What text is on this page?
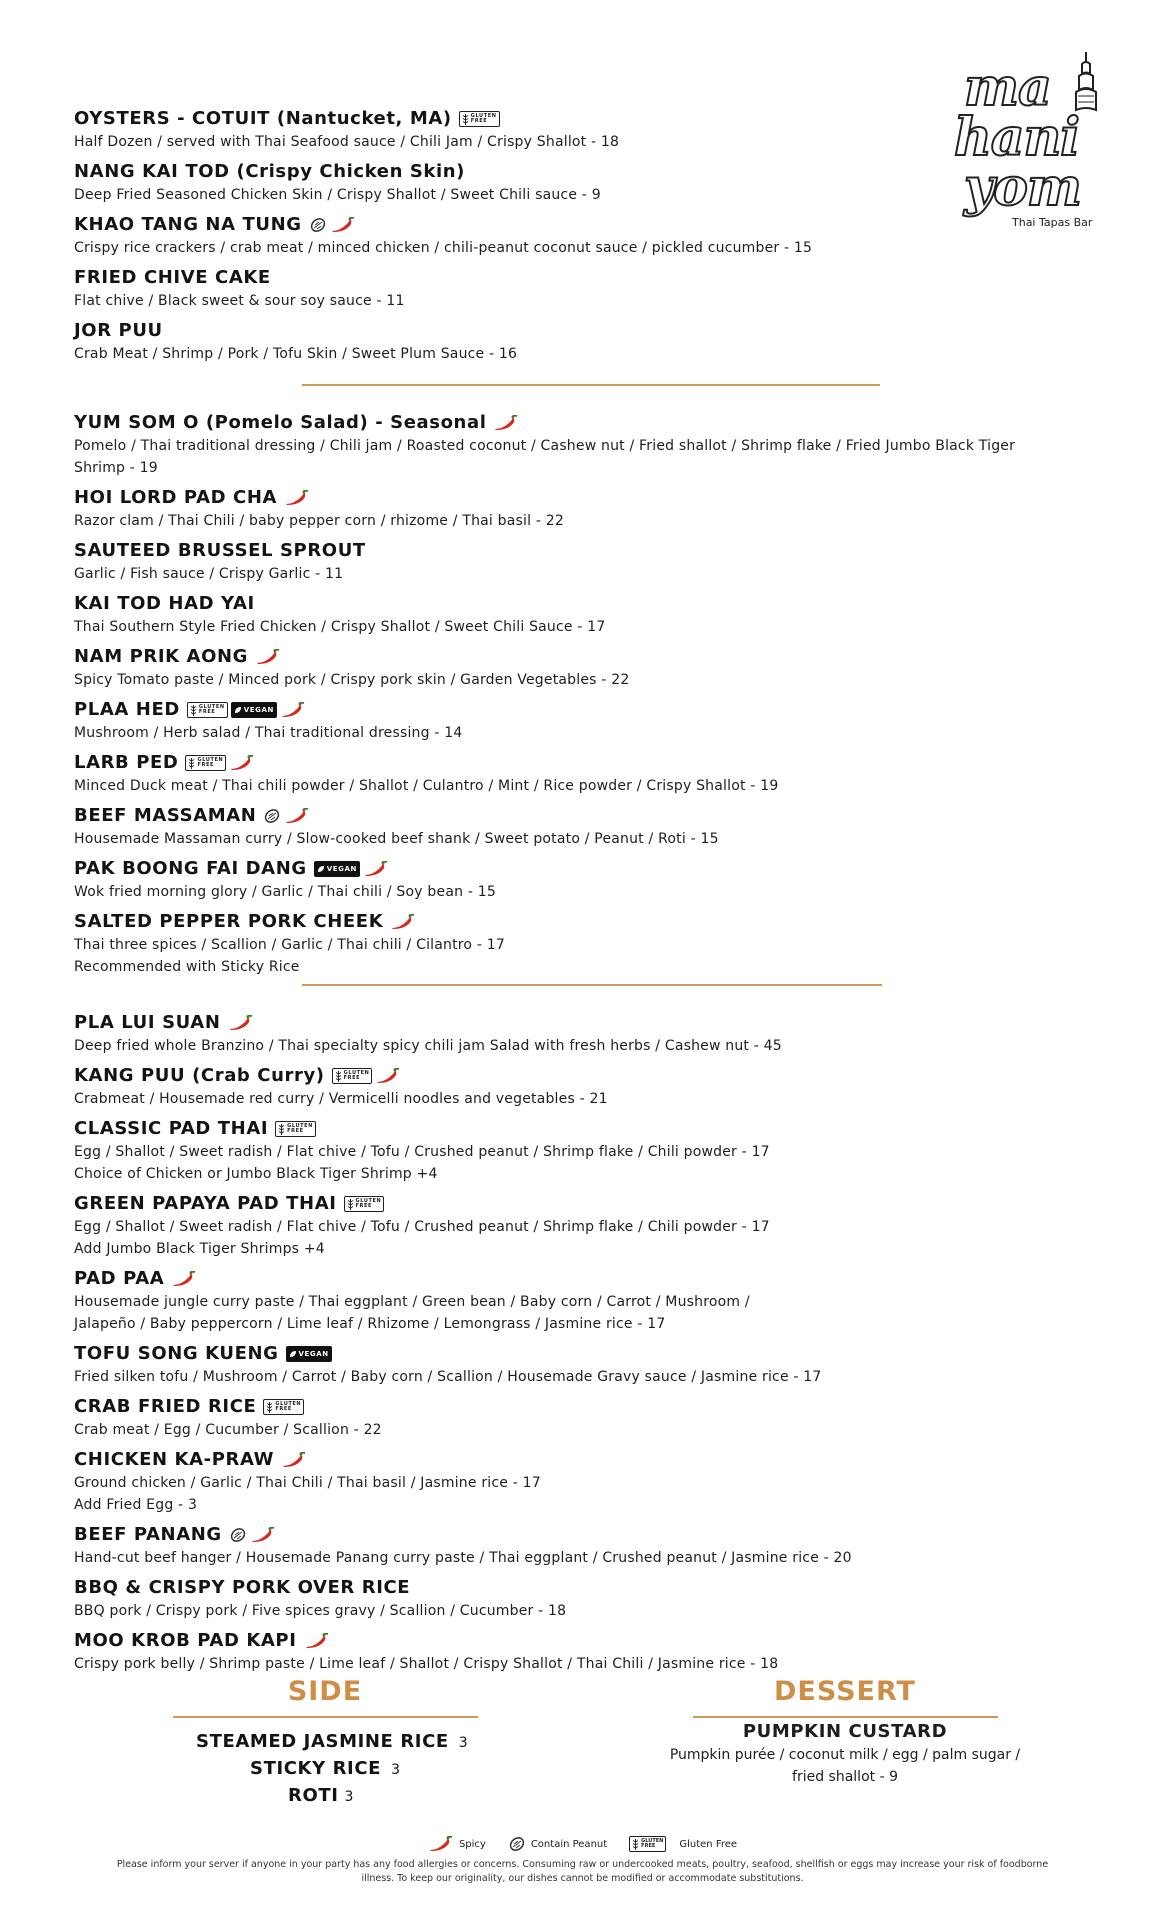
ma
hani
yom
Thai Tapas Bar
OYSTERS - COTUIT (Nantucket, MA)	GLUTEN
FREE
Half Dozen / served with Thai Seafood sauce / Chili Jam / Crispy Shallot - 18
NANG KAI TOD (Crispy Chicken Skin)
Deep Fried Seasoned Chicken Skin / Crispy Shallot / Sweet Chili sauce - 9
KHAO TANG NA TUNG
Crispy rice crackers / crab meat / minced chicken / chili-peanut coconut sauce / pickled cucumber - 15
FRIED CHIVE CAKE
Flat chive / Black sweet & sour soy sauce - 11
JOR PUU
Crab Meat / Shrimp / Pork / Tofu Skin / Sweet Plum Sauce - 16
YUM SOM O (Pomelo Salad) - Seasonal
Pomelo / Thai traditional dressing / Chili jam / Roasted coconut / Cashew nut / Fried shallot / Shrimp flake / Fried Jumbo Black Tiger
Shrimp - 19
HOI LORD PAD CHA
Razor clam / Thai Chili / baby pepper corn / rhizome / Thai basil - 22
SAUTEED BRUSSEL SPROUT
Garlic / Fish sauce / Crispy Garlic - 11
KAI TOD HAD YAI
Thai Southern Style Fried Chicken / Crispy Shallot / Sweet Chili Sauce - 17
NAM PRIK AONG
Spicy Tomato paste / Minced pork / Crispy pork skin / Garden Vegetables - 22
PLAA HED	GLUTEN
FREE	VEGAN
Mushroom / Herb salad / Thai traditional dressing - 14
LARB PED	GLUTEN
FREE
Minced Duck meat / Thai chili powder / Shallot / Culantro / Mint / Rice powder / Crispy Shallot - 19
BEEF MASSAMAN
Housemade Massaman curry / Slow-cooked beef shank / Sweet potato / Peanut / Roti - 15
PAK BOONG FAI DANG	VEGAN
Wok fried morning glory / Garlic / Thai chili / Soy bean - 15
SALTED PEPPER PORK CHEEK
Thai three spices / Scallion / Garlic / Thai chili / Cilantro - 17
Recommended with Sticky Rice
PLA LUI SUAN
Deep fried whole Branzino / Thai specialty spicy chili jam Salad with fresh herbs / Cashew nut - 45
KANG PUU (Crab Curry)	GLUTEN
FREE
Crabmeat / Housemade red curry / Vermicelli noodles and vegetables - 21
CLASSIC PAD THAI	GLUTEN
FREE
Egg / Shallot / Sweet radish / Flat chive / Tofu / Crushed peanut / Shrimp flake / Chili powder - 17
Choice of Chicken or Jumbo Black Tiger Shrimp +4
GREEN PAPAYA PAD THAI	GLUTEN
FREE
Egg / Shallot / Sweet radish / Flat chive / Tofu / Crushed peanut / Shrimp flake / Chili powder - 17
Add Jumbo Black Tiger Shrimps +4
PAD PAA
Housemade jungle curry paste / Thai eggplant / Green bean / Baby corn / Carrot / Mushroom /
Jalapeño / Baby peppercorn / Lime leaf / Rhizome / Lemongrass / Jasmine rice - 17
TOFU SONG KUENG	VEGAN
Fried silken tofu / Mushroom / Carrot / Baby corn / Scallion / Housemade Gravy sauce / Jasmine rice - 17
CRAB FRIED RICE	GLUTEN
FREE
Crab meat / Egg / Cucumber / Scallion - 22
CHICKEN KA-PRAW
Ground chicken / Garlic / Thai Chili / Thai basil / Jasmine rice - 17
Add Fried Egg - 3
BEEF PANANG
Hand-cut beef hanger / Housemade Panang curry paste / Thai eggplant / Crushed peanut / Jasmine rice - 20
BBQ & CRISPY PORK OVER RICE
BBQ pork / Crispy pork / Five spices gravy / Scallion / Cucumber - 18
MOO KROB PAD KAPI
Crispy pork belly / Shrimp paste / Lime leaf / Shallot / Crispy Shallot / Thai Chili / Jasmine rice - 18
SIDE
STEAMED JASMINE RICE 3
STICKY RICE 3
ROTI 3
DESSERT
PUMPKIN CUSTARD
Pumpkin purée / coconut milk / egg / palm sugar /
fried shallot - 9
Spicy	Contain Peanut	GLUTEN
FREE	Gluten Free
Please inform your server if anyone in your party has any food allergies or concerns. Consuming raw or undercooked meats, poultry, seafood, shellfish or eggs may increase your risk of foodborne illness. To keep our originality, our dishes cannot be modified or accommodate substitutions.
